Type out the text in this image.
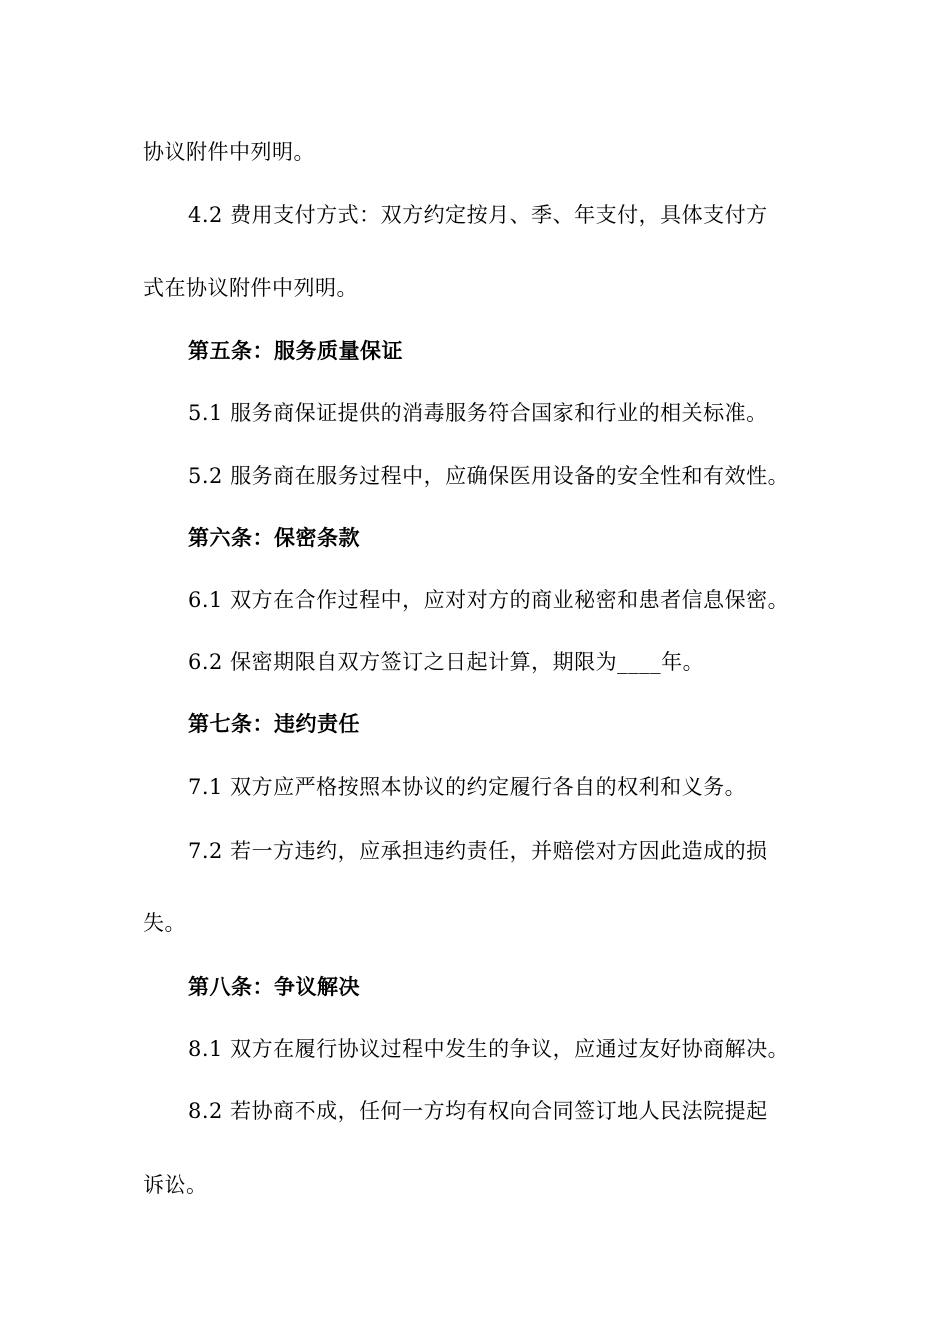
协议附件中列明。
4.2 费用支付方式：双方约定按月、季、年支付，具体支付方
式在协议附件中列明。
第五条：服务质量保证
5.1 服务商保证提供的消毒服务符合国家和行业的相关标准。
5.2 服务商在服务过程中，应确保医用设备的安全性和有效性。
第六条：保密条款
6.1 双方在合作过程中，应对对方的商业秘密和患者信息保密。
6.2 保密期限自双方签订之日起计算，期限为____年。
第七条：违约责任
7.1 双方应严格按照本协议的约定履行各自的权利和义务。
7.2 若一方违约，应承担违约责任，并赔偿对方因此造成的损
失。
第八条：争议解决
8.1 双方在履行协议过程中发生的争议，应通过友好协商解决。
8.2 若协商不成，任何一方均有权向合同签订地人民法院提起
诉讼。
